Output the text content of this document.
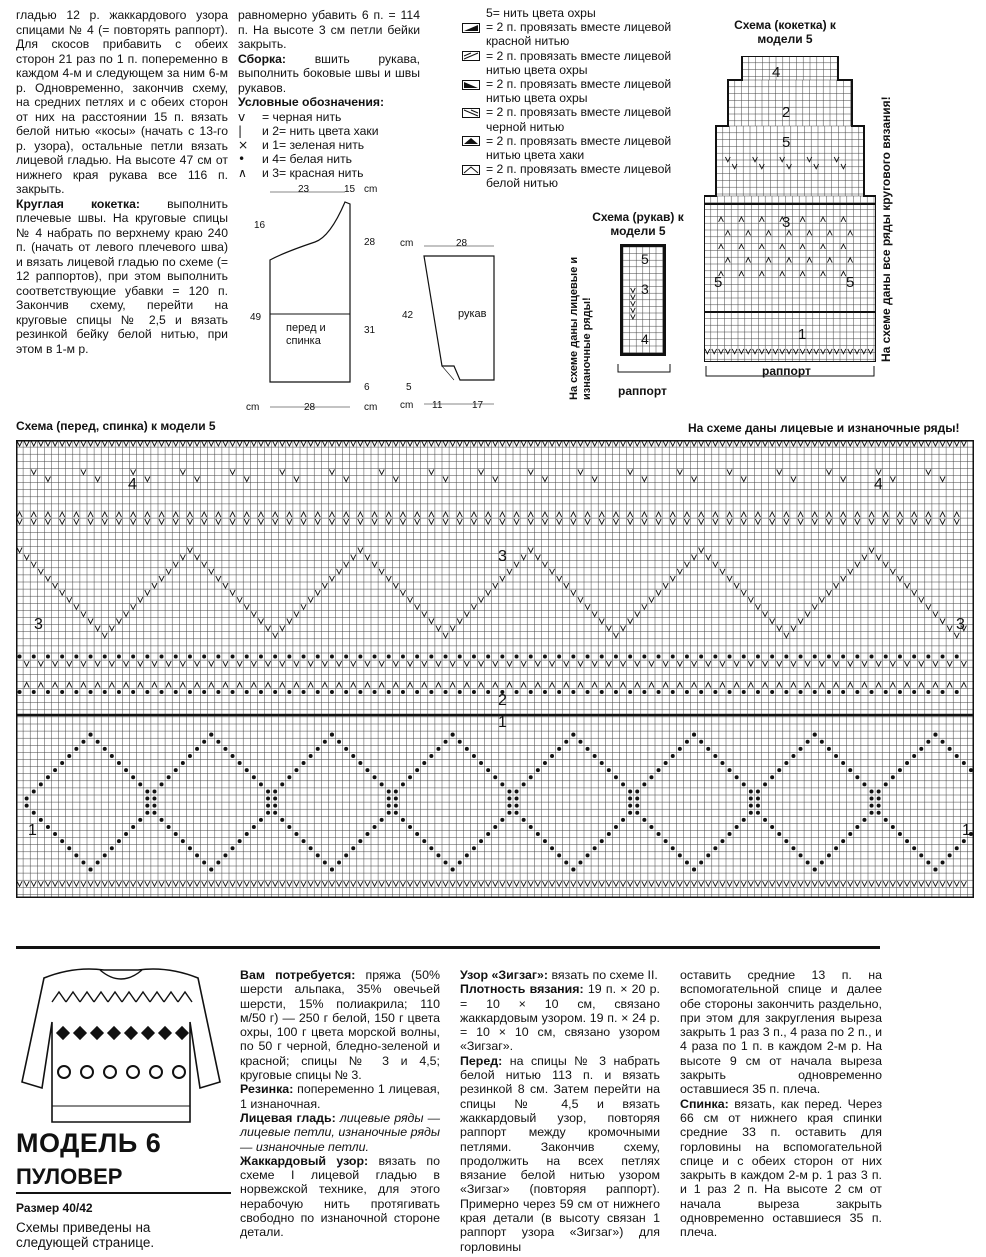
гладью 12 р. жаккардового узора спицами № 4 (= повторять раппорт). Для скосов прибавить с обеих сторон 21 раз по 1 п. попеременно в каждом 4-м и следующем за ним 6-м р. Одновременно, закончив схему, на средних петлях и с обеих сторон от них на расстоянии 15 п. вязать белой нитью «косы» (начать с 13-го р. узора), остальные петли вязать лицевой гладью. На высоте 47 см от нижнего края рукава все 116 п. закрыть.

Круглая кокетка: выполнить плечевые швы. На круговые спицы № 4 набрать по верхнему краю 240 п. (начать от левого плечевого шва) и вязать лицевой гладью по схеме (= 12 раппортов), при этом выполнить соответствующие убавки = 120 п. Закончив схему, перейти на круговые спицы № 2,5 и вязать резинкой бейку белой нитью, при этом в 1-м р.

равномерно убавить 6 п. = 114 п. На высоте 3 см петли бейки закрыть.

Сборка: вшить рукава, выполнить боковые швы и швы рукавов.

Условные обозначения:

v	= черная нить
|	и 2= нить цвета хаки
×	и 1= зеленая нить
•	и 4= белая нить
∧	и 3= красная нить
5= нить цвета охры
= 2 п. провязать вместе лицевой красной нитью
= 2 п. провязать вместе лицевой нитью цвета охры
= 2 п. провязать вместе лицевой нитью цвета охры
= 2 п. провязать вместе лицевой черной нитью
= 2 п. провязать вместе лицевой нитью цвета хаки
= 2 п. провязать вместе лицевой белой нитью
23	15 cm
16
28
49
31
6
cm	28	cm
перед и спинка
cm	28
42
5
cm 11	17
рукав
Схема (рукав) к модели 5
На схеме даны лицевые и изнаночные ряды!
5
3
4
раппорт
Схема (кокетка) к модели 5
4
2
5
3
5	5
1
раппорт
На схеме даны все ряды кругового вязания!
Схема (перед, спинка) к модели 5	На схеме даны лицевые и изнаночные ряды!
4	4
3
3	3
2
1
1	1
МОДЕЛЬ 6
ПУЛОВЕР
Размер 40/42
Схемы приведены на следующей странице.

Вам потребуется: пряжа (50% шерсти альпака, 35% овечьей шерсти, 15% полиакрила; 110 м/50 г) — 250 г белой, 150 г цвета охры, 100 г цвета морской волны, по 50 г черной, бледно-зеленой и красной; спицы № 3 и 4,5; круговые спицы № 3.

Резинка: попеременно 1 лицевая, 1 изнаночная.

Лицевая гладь: лицевые ряды — лицевые петли, изнаночные ряды — изнаночные петли.

Жаккардовый узор: вязать по схеме I лицевой гладью в норвежской технике, для этого нерабочую нить протягивать свободно по изнаночной стороне детали.

Узор «Зигзаг»: вязать по схеме II.

Плотность вязания: 19 п. × 20 р. = 10 × 10 см, связано жаккардовым узором. 19 п. × 24 р. = 10 × 10 см, связано узором «Зигзаг».

Перед: на спицы № 3 набрать белой нитью 113 п. и вязать резинкой 8 см. Затем перейти на спицы № 4,5 и вязать жаккардовый узор, повторяя раппорт между кромочными петлями. Закончив схему, продолжить на всех петлях вязание белой нитью узором «Зигзаг» (повторяя раппорт). Примерно через 59 см от нижнего края детали (в высоту связан 1 раппорт узора «Зигзаг») для горловины

оставить средние 13 п. на вспомогательной спице и далее обе стороны закончить раздельно, при этом для закругления выреза закрыть 1 раз 3 п., 4 раза по 2 п., и 4 раза по 1 п. в каждом 2-м р. На высоте 9 см от начала выреза закрыть одновременно оставшиеся 35 п. плеча.

Спинка: вязать, как перед. Через 66 см от нижнего края спинки средние 33 п. оставить для горловины на вспомогательной спице и с обеих сторон от них закрыть в каждом 2-м р. 1 раз 3 п. и 1 раз 2 п. На высоте 2 см от начала выреза закрыть одновременно оставшиеся 35 п. плеча.
